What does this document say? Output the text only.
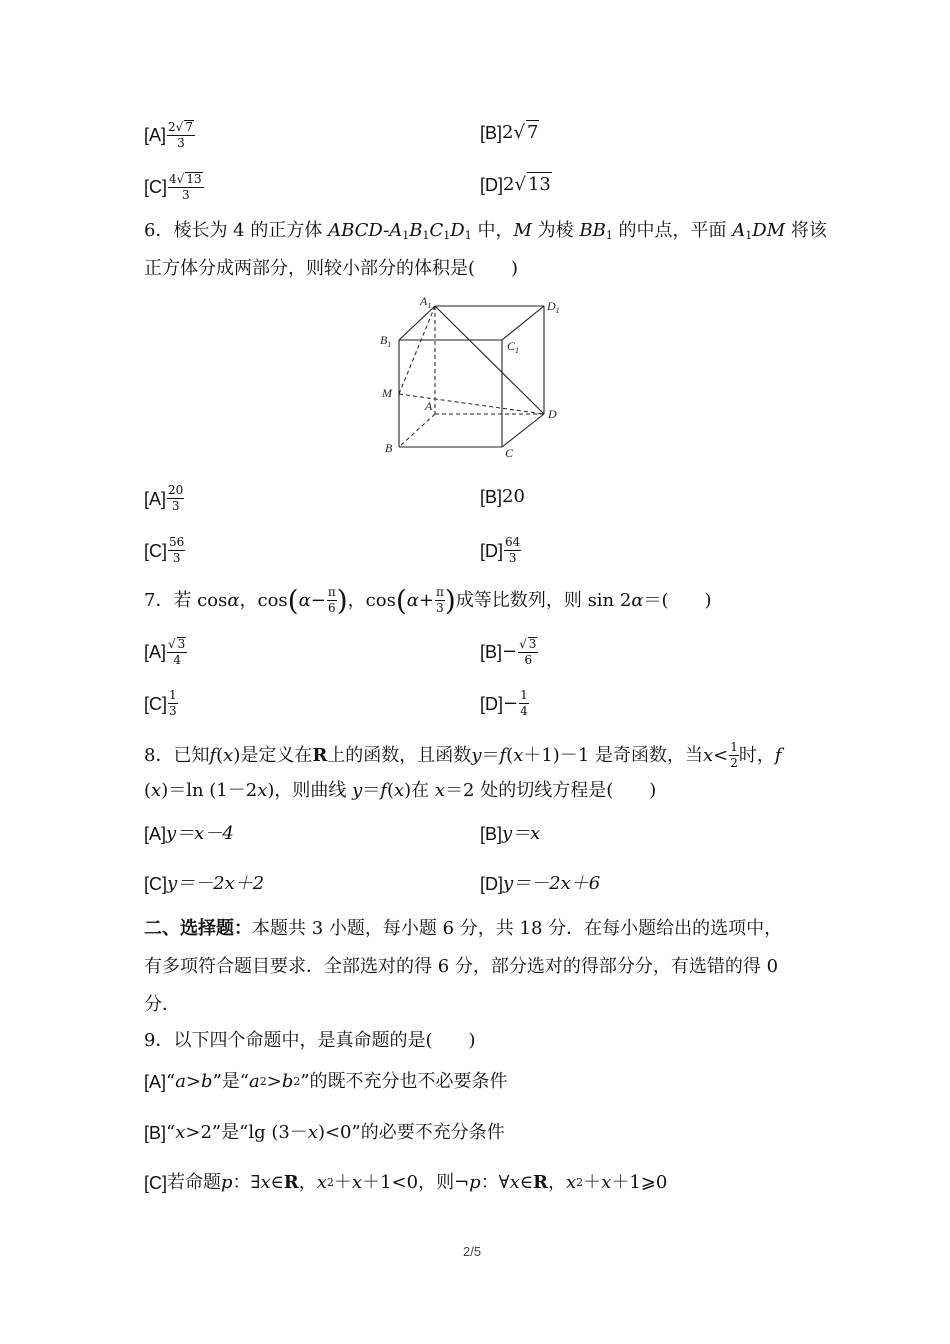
$[A] \frac{2√ 7}{3}$	[B] 2 √ 7
$[C] \frac{4√ 13}{3}$	[D] 2 √ 13
6．棱长为 4 的正方体 ABCD-$A_1B_1C_1D_1$ 中，M 为棱 $BB_1$ 的中点，平面 $A_1DM$ 将该
正方体分成两部分，则较小部分的体积是(　　)
$A_1$	$D_1$
$B_1$	$C_1$
M
A
D
B	C
$[A] \frac{20}{3}$	[B] 20
$[C] \frac{56}{3}$	$[D] \frac{64}{3}$
7． 若 cos α ，cos ( $\alpha - \frac{\pi}{6}$ ) ，cos ( $\alpha + \frac{\pi}{3}$ ) 成等比数列，则 sin 2 α ＝(　　)
$[A] \frac{√ 3}{4}$	$[B] - \frac{√ 3}{6}$
$[C] \frac{1}{3}$	$[D] - \frac{1}{4}$
8． 已知 f ( x )是定义在 R 上的函数，且函数 y ＝ f ( x ＋1)－1 是奇函数，当 $x < \frac{1}{2}$ 时， f
(x)＝ln (1－2x)，则曲线 y＝f(x)在 x＝2 处的切线方程是(　　)
[A] y＝x－4	[B] y＝x
[C] y＝－2x＋2	[D] y＝－2x＋6
二、选择题：本题共 3 小题，每小题 6 分，共 18 分．在每小题给出的选项中，
有多项符合题目要求．全部选对的得 6 分，部分选对的得部分分，有选错的得 0
分．
9．以下四个命题中，是真命题的是(　　)
[A] “ a > b ”是“ a 2 > b 2 ”的既不充分也不必要条件
[B] “ x >2”是“lg (3－ x )<0”的必要不充分条件
[C] 若命题 p ：∃ x ∈ R ， x 2 ＋ x ＋1<0，则¬ p ：∀ x ∈ R ， x 2 ＋ x ＋1⩾0
2/5
